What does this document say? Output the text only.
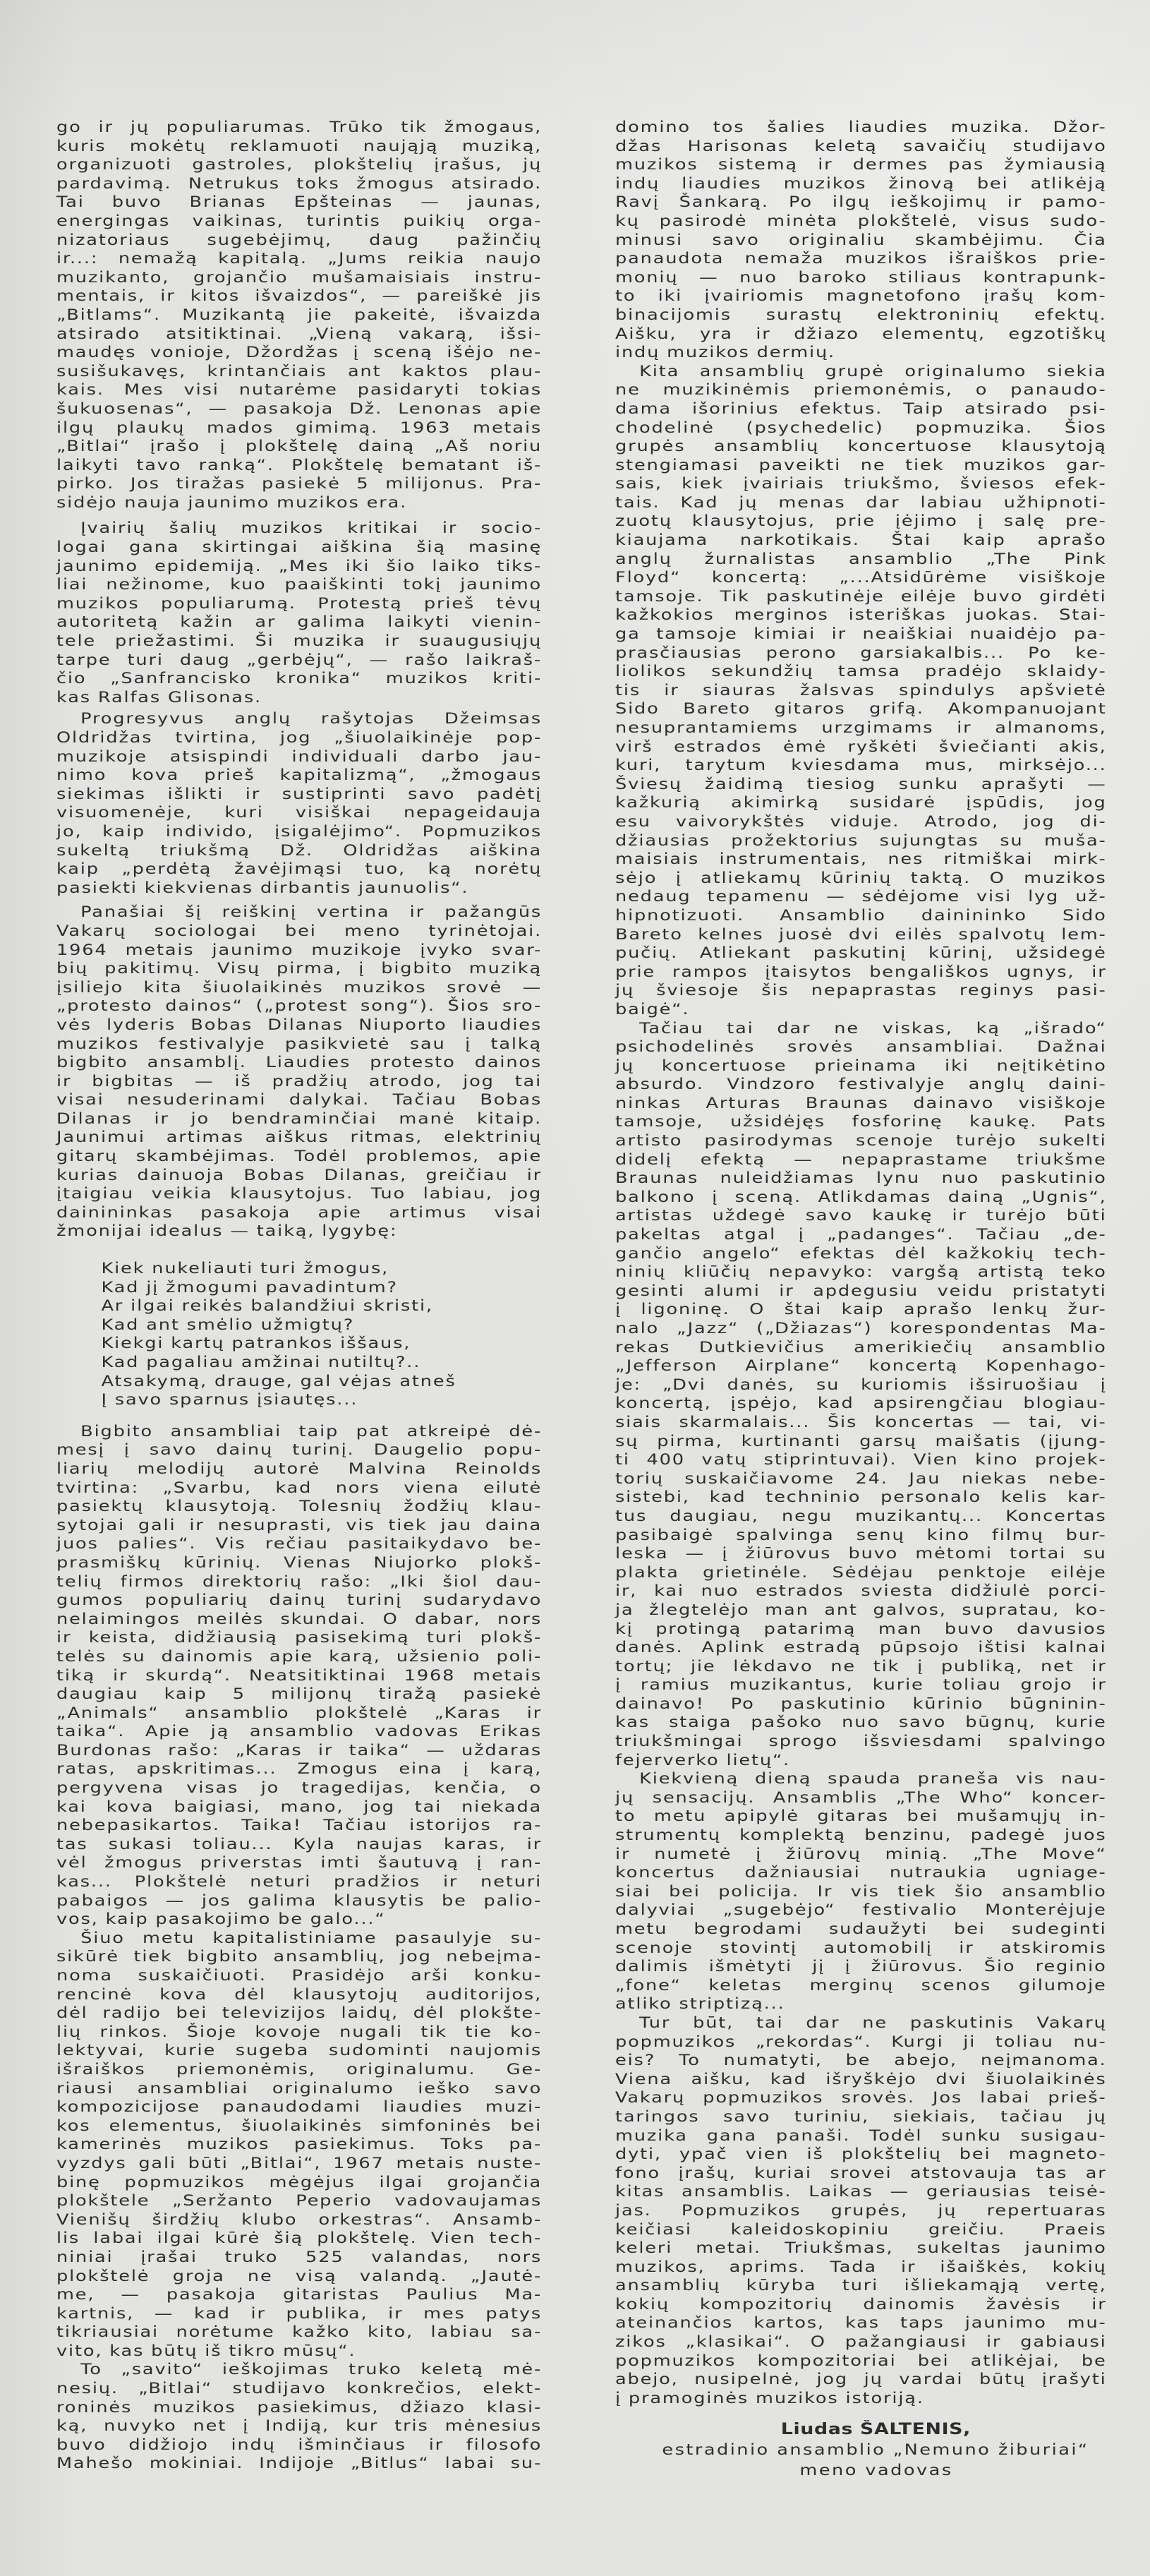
go ir jų populiarumas. Trūko tik žmogaus,
kuris mokėtų reklamuoti naująją muziką,
organizuoti gastroles, plokštelių įrašus, jų
pardavimą. Netrukus toks žmogus atsirado.
Tai buvo Brianas Epšteinas — jaunas,
energingas vaikinas, turintis puikių orga-
nizatoriaus sugebėjimų, daug pažinčių
ir...: nemažą kapitalą. „Jums reikia naujo
muzikanto, grojančio mušamaisiais instru-
mentais, ir kitos išvaizdos“, — pareiškė jis
„Bitlams“. Muzikantą jie pakeitė, išvaizda
atsirado atsitiktinai. „Vieną vakarą, išsi-
maudęs vonioje, Džordžas į sceną išėjo ne-
susišukavęs, krintančiais ant kaktos plau-
kais. Mes visi nutarėme pasidaryti tokias
šukuosenas“, — pasakoja Dž. Lenonas apie
ilgų plaukų mados gimimą. 1963 metais
„Bitlai“ įrašo į plokštelę dainą „Aš noriu
laikyti tavo ranką“. Plokštelę bematant iš-
pirko. Jos tiražas pasiekė 5 milijonus. Pra-
sidėjo nauja jaunimo muzikos era.
Įvairių šalių muzikos kritikai ir socio-
logai gana skirtingai aiškina šią masinę
jaunimo epidemiją. „Mes iki šio laiko tiks-
liai nežinome, kuo paaiškinti tokį jaunimo
muzikos populiarumą. Protestą prieš tėvų
autoritetą kažin ar galima laikyti vienin-
tele priežastimi. Ši muzika ir suaugusiųjų
tarpe turi daug „gerbėjų“, — rašo laikraš-
čio „Sanfrancisko kronika“ muzikos kriti-
kas Ralfas Glisonas.
Progresyvus anglų rašytojas Džeimsas
Oldridžas tvirtina, jog „šiuolaikinėje pop-
muzikoje atsispindi individuali darbo jau-
nimo kova prieš kapitalizmą“, „žmogaus
siekimas išlikti ir sustiprinti savo padėtį
visuomenėje, kuri visiškai nepageidauja
jo, kaip individo, įsigalėjimo“. Popmuzikos
sukeltą triukšmą Dž. Oldridžas aiškina
kaip „perdėtą žavėjimąsi tuo, ką norėtų
pasiekti kiekvienas dirbantis jaunuolis“.
Panašiai šį reiškinį vertina ir pažangūs
Vakarų sociologai bei meno tyrinėtojai.
1964 metais jaunimo muzikoje įvyko svar-
bių pakitimų. Visų pirma, į bigbito muziką
įsiliejo kita šiuolaikinės muzikos srovė —
„protesto dainos“ („protest song“). Šios sro-
vės lyderis Bobas Dilanas Niuporto liaudies
muzikos festivalyje pasikvietė sau į talką
bigbito ansamblį. Liaudies protesto dainos
ir bigbitas — iš pradžių atrodo, jog tai
visai nesuderinami dalykai. Tačiau Bobas
Dilanas ir jo bendraminčiai manė kitaip.
Jaunimui artimas aiškus ritmas, elektrinių
gitarų skambėjimas. Todėl problemos, apie
kurias dainuoja Bobas Dilanas, greičiau ir
įtaigiau veikia klausytojus. Tuo labiau, jog
dainininkas pasakoja apie artimus visai
žmonijai idealus — taiką, lygybę:
Kiek nukeliauti turi žmogus,
Kad jį žmogumi pavadintum?
Ar ilgai reikės balandžiui skristi,
Kad ant smėlio užmigtų?
Kiekgi kartų patrankos iššaus,
Kad pagaliau amžinai nutiltų?..
Atsakymą, drauge, gal vėjas atneš
Į savo sparnus įsiautęs...
Bigbito ansambliai taip pat atkreipė dė-
mesį į savo dainų turinį. Daugelio popu-
liarių melodijų autorė Malvina Reinolds
tvirtina: „Svarbu, kad nors viena eilutė
pasiektų klausytoją. Tolesnių žodžių klau-
sytojai gali ir nesuprasti, vis tiek jau daina
juos palies“. Vis rečiau pasitaikydavo be-
prasmiškų kūrinių. Vienas Niujorko plokš-
telių firmos direktorių rašo: „Iki šiol dau-
gumos populiarių dainų turinį sudarydavo
nelaimingos meilės skundai. O dabar, nors
ir keista, didžiausią pasisekimą turi plokš-
telės su dainomis apie karą, užsienio poli-
tiką ir skurdą“. Neatsitiktinai 1968 metais
daugiau kaip 5 milijonų tiražą pasiekė
„Animals“ ansamblio plokštelė „Karas ir
taika“. Apie ją ansamblio vadovas Erikas
Burdonas rašo: „Karas ir taika“ — uždaras
ratas, apskritimas... Zmogus eina į karą,
pergyvena visas jo tragedijas, kenčia, o
kai kova baigiasi, mano, jog tai niekada
nebepasikartos. Taika! Tačiau istorijos ra-
tas sukasi toliau... Kyla naujas karas, ir
vėl žmogus priverstas imti šautuvą į ran-
kas... Plokštelė neturi pradžios ir neturi
pabaigos — jos galima klausytis be palio-
vos, kaip pasakojimo be galo...“
Šiuo metu kapitalistiniame pasaulyje su-
sikūrė tiek bigbito ansamblių, jog nebeįma-
noma suskaičiuoti. Prasidėjo arši konku-
rencinė kova dėl klausytojų auditorijos,
dėl radijo bei televizijos laidų, dėl plokšte-
lių rinkos. Šioje kovoje nugali tik tie ko-
lektyvai, kurie sugeba sudominti naujomis
išraiškos priemonėmis, originalumu. Ge-
riausi ansambliai originalumo ieško savo
kompozicijose panaudodami liaudies muzi-
kos elementus, šiuolaikinės simfoninės bei
kamerinės muzikos pasiekimus. Toks pa-
vyzdys gali būti „Bitlai“, 1967 metais nuste-
binę popmuzikos mėgėjus ilgai grojančia
plokštele „Seržanto Peperio vadovaujamas
Vienišų širdžių klubo orkestras“. Ansamb-
lis labai ilgai kūrė šią plokštelę. Vien tech-
niniai įrašai truko 525 valandas, nors
plokštelė groja ne visą valandą. „Jautė-
me, — pasakoja gitaristas Paulius Ma-
kartnis, — kad ir publika, ir mes patys
tikriausiai norėtume kažko kito, labiau sa-
vito, kas būtų iš tikro mūsų“.
To „savito“ ieškojimas truko keletą mė-
nesių. „Bitlai“ studijavo konkrečios, elekt-
roninės muzikos pasiekimus, džiazo klasi-
ką, nuvyko net į Indiją, kur tris mėnesius
buvo didžiojo indų išminčiaus ir filosofo
Mahešo mokiniai. Indijoje „Bitlus“ labai su-
domino tos šalies liaudies muzika. Džor-
džas Harisonas keletą savaičių studijavo
muzikos sistemą ir dermes pas žymiausią
indų liaudies muzikos žinovą bei atlikėją
Ravį Šankarą. Po ilgų ieškojimų ir pamo-
kų pasirodė minėta plokštelė, visus sudo-
minusi savo originaliu skambėjimu. Čia
panaudota nemaža muzikos išraiškos prie-
monių — nuo baroko stiliaus kontrapunk-
to iki įvairiomis magnetofono įrašų kom-
binacijomis surastų elektroninių efektų.
Aišku, yra ir džiazo elementų, egzotiškų
indų muzikos dermių.
Kita ansamblių grupė originalumo siekia
ne muzikinėmis priemonėmis, o panaudo-
dama išorinius efektus. Taip atsirado psi-
chodelinė (psychedelic) popmuzika. Šios
grupės ansamblių koncertuose klausytoją
stengiamasi paveikti ne tiek muzikos gar-
sais, kiek įvairiais triukšmo, šviesos efek-
tais. Kad jų menas dar labiau užhipnoti-
zuotų klausytojus, prie įėjimo į salę pre-
kiaujama narkotikais. Štai kaip aprašo
anglų žurnalistas ansamblio „The Pink
Floyd“ koncertą: „...Atsidūrėme visiškoje
tamsoje. Tik paskutinėje eilėje buvo girdėti
kažkokios merginos isteriškas juokas. Stai-
ga tamsoje kimiai ir neaiškiai nuaidėjo pa-
prasčiausias perono garsiakalbis... Po ke-
liolikos sekundžių tamsa pradėjo sklaidy-
tis ir siauras žalsvas spindulys apšvietė
Sido Bareto gitaros grifą. Akompanuojant
nesuprantamiems urzgimams ir almanoms,
virš estrados ėmė ryškėti šviečianti akis,
kuri, tarytum kviesdama mus, mirksėjo...
Šviesų žaidimą tiesiog sunku aprašyti —
kažkurią akimirką susidarė įspūdis, jog
esu vaivorykštės viduje. Atrodo, jog di-
džiausias prožektorius sujungtas su muša-
maisiais instrumentais, nes ritmiškai mirk-
sėjo į atliekamų kūrinių taktą. O muzikos
nedaug tepamenu — sėdėjome visi lyg už-
hipnotizuoti. Ansamblio dainininko Sido
Bareto kelnes juosė dvi eilės spalvotų lem-
pučių. Atliekant paskutinį kūrinį, užsidegė
prie rampos įtaisytos bengališkos ugnys, ir
jų šviesoje šis nepaprastas reginys pasi-
baigė“.
Tačiau tai dar ne viskas, ką „išrado“
psichodelinės srovės ansambliai. Dažnai
jų koncertuose prieinama iki neįtikėtino
absurdo. Vindzoro festivalyje anglų daini-
ninkas Arturas Braunas dainavo visiškoje
tamsoje, užsidėjęs fosforinę kaukę. Pats
artisto pasirodymas scenoje turėjo sukelti
didelį efektą — nepaprastame triukšme
Braunas nuleidžiamas lynu nuo paskutinio
balkono į sceną. Atlikdamas dainą „Ugnis“,
artistas uždegė savo kaukę ir turėjo būti
pakeltas atgal į „padanges“. Tačiau „de-
gančio angelo“ efektas dėl kažkokių tech-
ninių kliūčių nepavyko: vargšą artistą teko
gesinti alumi ir apdegusiu veidu pristatyti
į ligoninę. O štai kaip aprašo lenkų žur-
nalo „Jazz“ („Džiazas“) korespondentas Ma-
rekas Dutkievičius amerikiečių ansamblio
„Jefferson Airplane“ koncertą Kopenhago-
je: „Dvi danės, su kuriomis išsiruošiau į
koncertą, įspėjo, kad apsirengčiau blogiau-
siais skarmalais... Šis koncertas — tai, vi-
sų pirma, kurtinanti garsų maišatis (įjung-
ti 400 vatų stiprintuvai). Vien kino projek-
torių suskaičiavome 24. Jau niekas nebe-
sistebi, kad techninio personalo kelis kar-
tus daugiau, negu muzikantų... Koncertas
pasibaigė spalvinga senų kino filmų bur-
leska — į žiūrovus buvo mėtomi tortai su
plakta grietinėle. Sėdėjau penktoje eilėje
ir, kai nuo estrados sviesta didžiulė porci-
ja žlegtelėjo man ant galvos, supratau, ko-
kį protingą patarimą man buvo davusios
danės. Aplink estradą pūpsojo ištisi kalnai
tortų; jie lėkdavo ne tik į publiką, net ir
į ramius muzikantus, kurie toliau grojo ir
dainavo! Po paskutinio kūrinio būgninin-
kas staiga pašoko nuo savo būgnų, kurie
triukšmingai sprogo išsviesdami spalvingo
fejerverko lietų“.
Kiekvieną dieną spauda praneša vis nau-
jų sensacijų. Ansamblis „The Who“ koncer-
to metu apipylė gitaras bei mušamųjų in-
strumentų komplektą benzinu, padegė juos
ir numetė į žiūrovų minią. „The Move“
koncertus dažniausiai nutraukia ugniage-
siai bei policija. Ir vis tiek šio ansamblio
dalyviai „sugebėjo“ festivalio Monterėjuje
metu begrodami sudaužyti bei sudeginti
scenoje stovintį automobilį ir atskiromis
dalimis išmėtyti jį į žiūrovus. Šio reginio
„fone“ keletas merginų scenos gilumoje
atliko striptizą...
Tur būt, tai dar ne paskutinis Vakarų
popmuzikos „rekordas“. Kurgi ji toliau nu-
eis? To numatyti, be abejo, neįmanoma.
Viena aišku, kad išryškėjo dvi šiuolaikinės
Vakarų popmuzikos srovės. Jos labai prieš-
taringos savo turiniu, siekiais, tačiau jų
muzika gana panaši. Todėl sunku susigau-
dyti, ypač vien iš plokštelių bei magneto-
fono įrašų, kuriai srovei atstovauja tas ar
kitas ansamblis. Laikas — geriausias teisė-
jas. Popmuzikos grupės, jų repertuaras
keičiasi kaleidoskopiniu greičiu. Praeis
keleri metai. Triukšmas, sukeltas jaunimo
muzikos, aprims. Tada ir išaiškės, kokių
ansamblių kūryba turi išliekamąją vertę,
kokių kompozitorių dainomis žavėsis ir
ateinančios kartos, kas taps jaunimo mu-
zikos „klasikai“. O pažangiausi ir gabiausi
popmuzikos kompozitoriai bei atlikėjai, be
abejo, nusipelnė, jog jų vardai būtų įrašyti
į pramoginės muzikos istoriją.
Liudas ŠALTENIS,
estradinio ansamblio „Nemuno žiburiai“
meno vadovas
